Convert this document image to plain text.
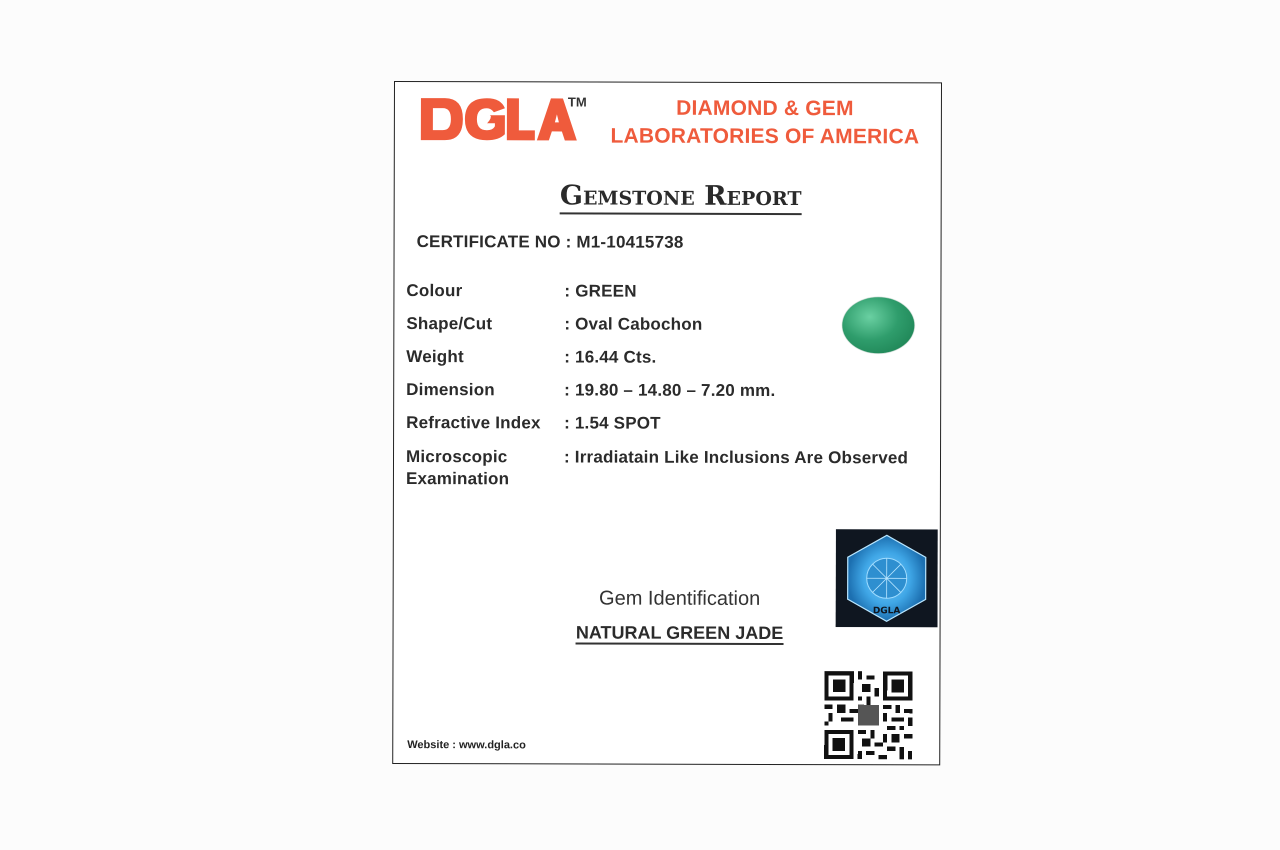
TM	DIAMOND & GEM
LABORATORIES OF AMERICA
Gemstone Report
CERTIFICATE NO : M1-10415738
Colour	: GREEN
Shape/Cut	: Oval Cabochon
Weight	: 16.44 Cts.
Dimension	: 19.80 – 14.80 – 7.20 mm.
Refractive Index	: 1.54 SPOT
Microscopic
Examination
: Irradiatain Like Inclusions Are Observed
DGLA
Gem Identification
NATURAL GREEN JADE
Website : www.dgla.co
